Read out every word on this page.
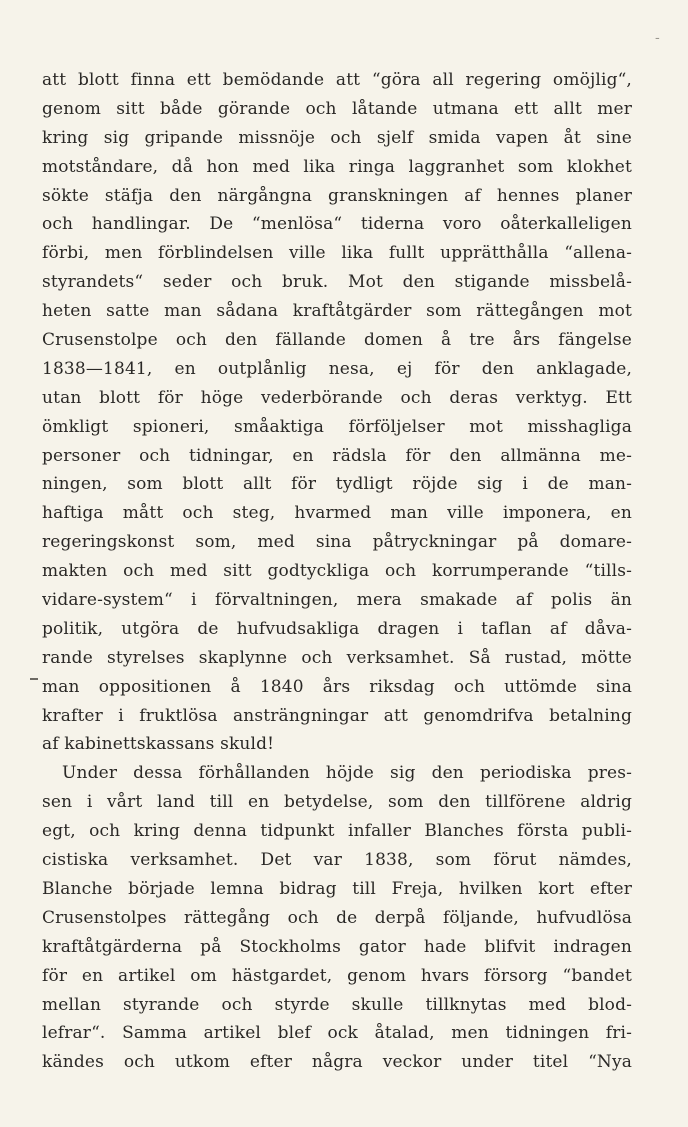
-
att blott finna ett bemödande att “göra all regering omöjlig“,
genom sitt både görande och låtande utmana ett allt mer
kring sig gripande missnöje och sjelf smida vapen åt sine
motståndare, då hon med lika ringa laggranhet som klokhet
sökte stäfja den närgångna granskningen af hennes planer
och handlingar. De “menlösa“ tiderna voro oåterkalleligen
förbi, men förblindelsen ville lika fullt upprätthålla “allena-
styrandets“ seder och bruk. Mot den stigande missbelå-
heten satte man sådana kraftåtgärder som rättegången mot
Crusenstolpe och den fällande domen å tre års fängelse
1838—1841, en outplånlig nesa, ej för den anklagade,
utan blott för höge vederbörande och deras verktyg. Ett
ömkligt spioneri, småaktiga förföljelser mot misshagliga
personer och tidningar, en rädsla för den allmänna me-
ningen, som blott allt för tydligt röjde sig i de man-
haftiga mått och steg, hvarmed man ville imponera, en
regeringskonst som, med sina påtryckningar på domare-
makten och med sitt godtyckliga och korrumperande “tills-
vidare-system“ i förvaltningen, mera smakade af polis än
politik, utgöra de hufvudsakliga dragen i taflan af dåva-
rande styrelses skaplynne och verksamhet. Så rustad, mötte
man oppositionen å 1840 års riksdag och uttömde sina
krafter i fruktlösa ansträngningar att genomdrifva betalning
af kabinettskassans skuld!
Under dessa förhållanden höjde sig den periodiska pres-
sen i vårt land till en betydelse, som den tillförene aldrig
egt, och kring denna tidpunkt infaller Blanches första publi-
cistiska verksamhet. Det var 1838, som förut nämdes,
Blanche började lemna bidrag till Freja, hvilken kort efter
Crusenstolpes rättegång och de derpå följande, hufvudlösa
kraftåtgärderna på Stockholms gator hade blifvit indragen
för en artikel om hästgardet, genom hvars försorg “bandet
mellan styrande och styrde skulle tillknytas med blod-
lefrar“. Samma artikel blef ock åtalad, men tidningen fri-
kändes och utkom efter några veckor under titel “Nya
